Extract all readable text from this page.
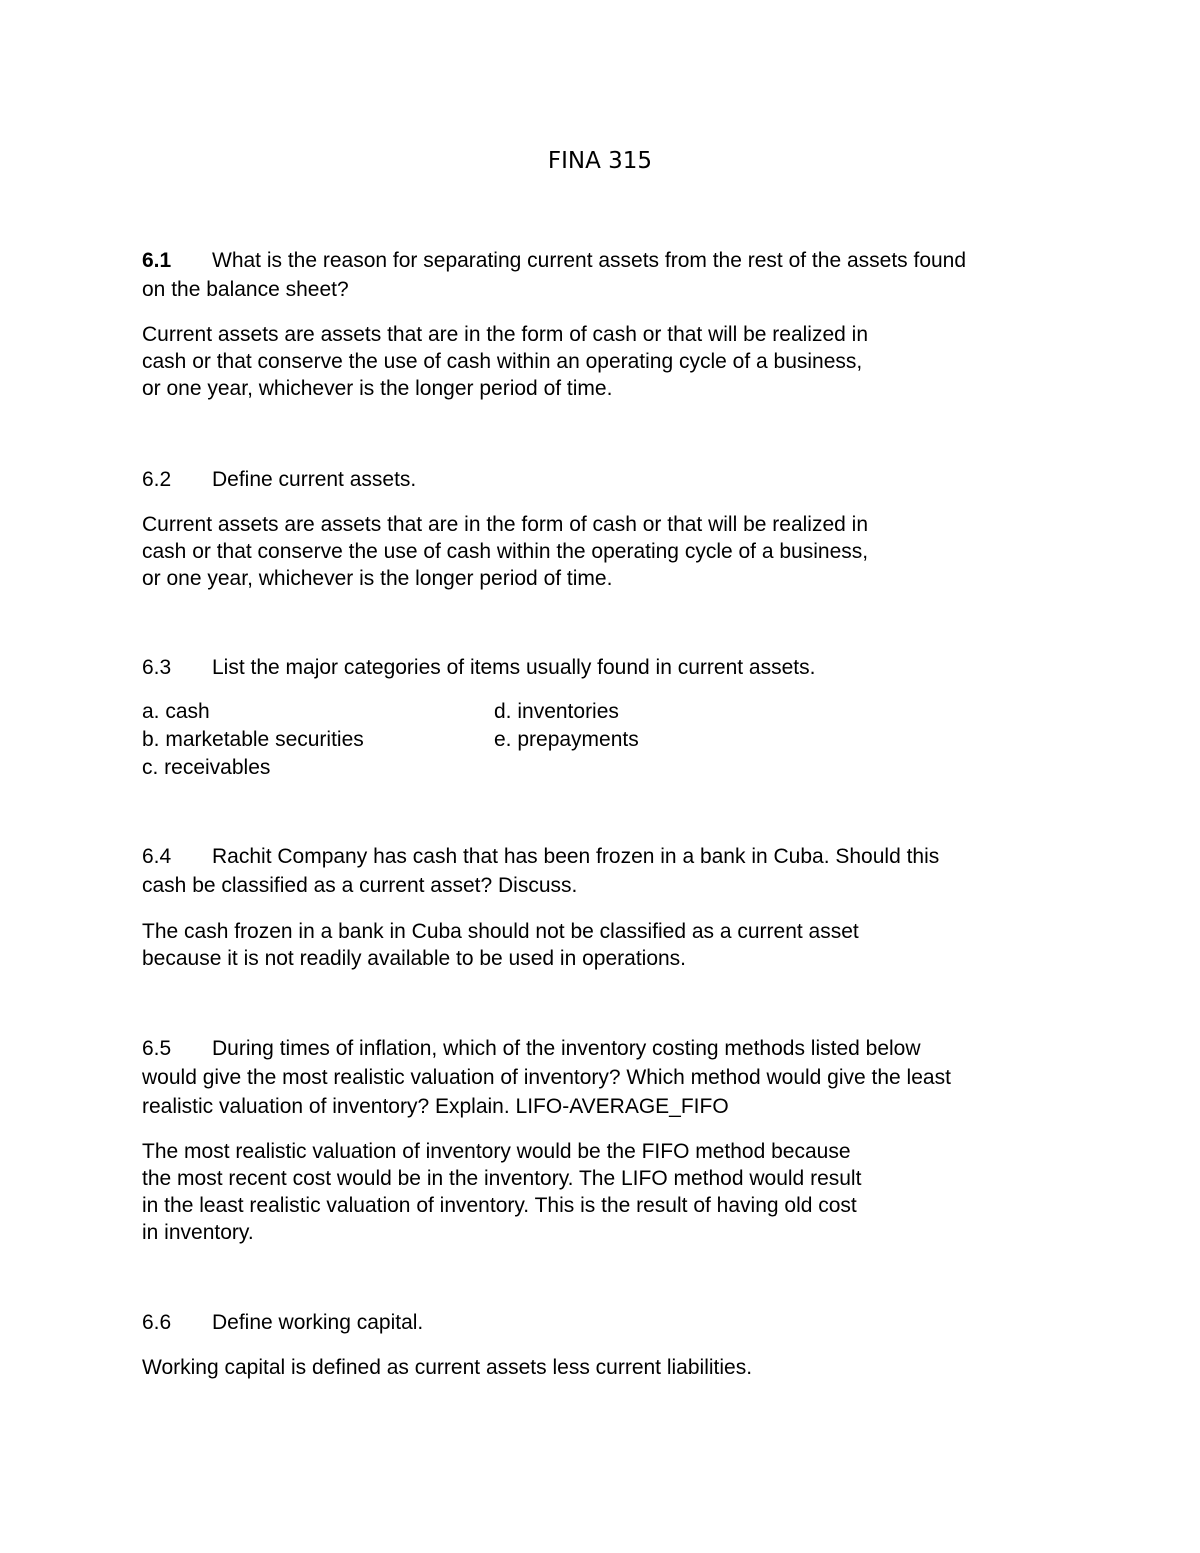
FINA 315
6.1 What is the reason for separating current assets from the rest of the assets found
on the balance sheet?
Current assets are assets that are in the form of cash or that will be realized in
cash or that conserve the use of cash within an operating cycle of a business,
or one year, whichever is the longer period of time.
6.2 Define current assets.
Current assets are assets that are in the form of cash or that will be realized in
cash or that conserve the use of cash within the operating cycle of a business,
or one year, whichever is the longer period of time.
6.3 List the major categories of items usually found in current assets.
a. cash
b. marketable securities
c. receivables
d. inventories
e. prepayments
6.4 Rachit Company has cash that has been frozen in a bank in Cuba. Should this
cash be classified as a current asset? Discuss.
The cash frozen in a bank in Cuba should not be classified as a current asset
because it is not readily available to be used in operations.
6.5 During times of inflation, which of the inventory costing methods listed below
would give the most realistic valuation of inventory? Which method would give the least
realistic valuation of inventory? Explain. LIFO-AVERAGE_FIFO
The most realistic valuation of inventory would be the FIFO method because
the most recent cost would be in the inventory. The LIFO method would result
in the least realistic valuation of inventory. This is the result of having old cost
in inventory.
6.6 Define working capital.
Working capital is defined as current assets less current liabilities.
